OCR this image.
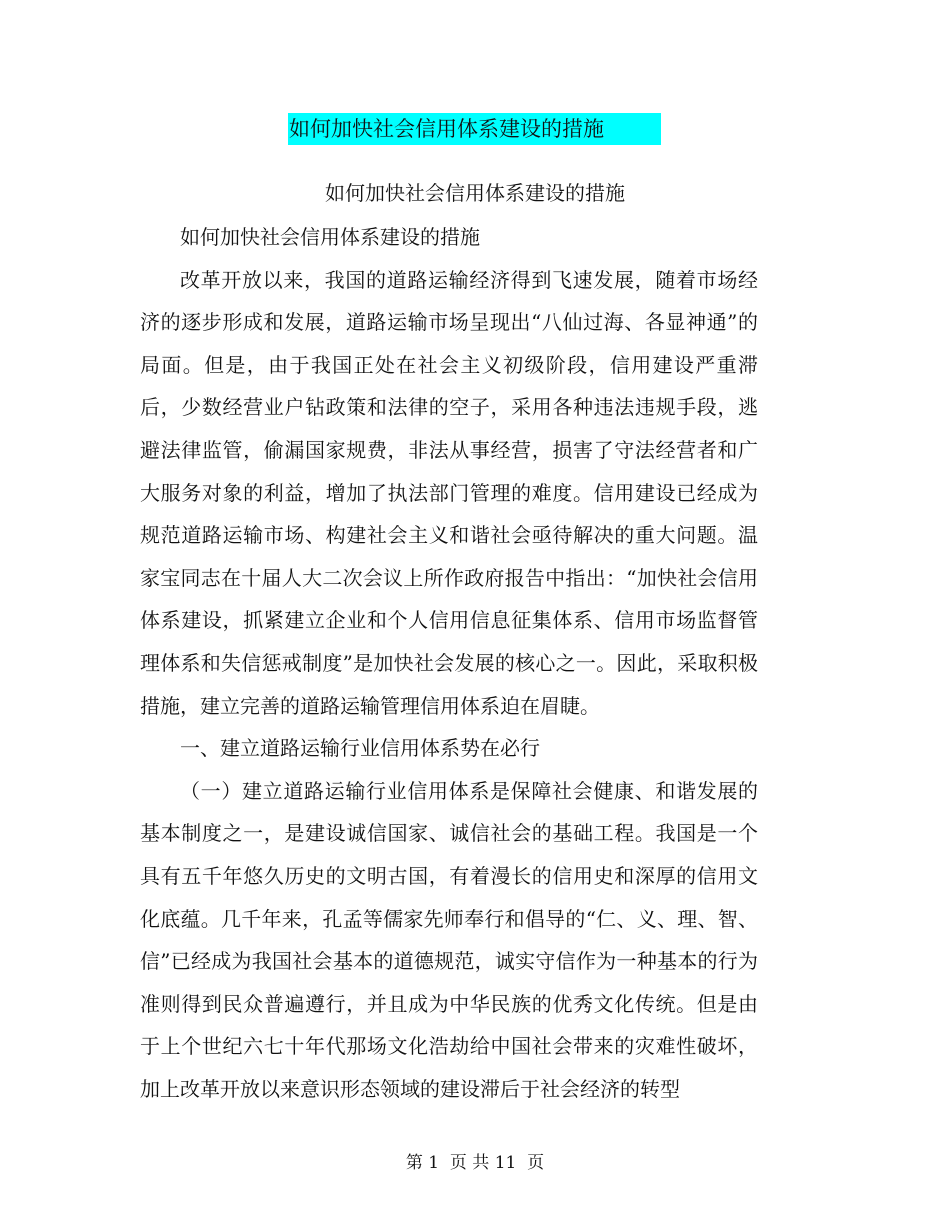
如何加快社会信用体系建设的措施
如何加快社会信用体系建设的措施

如何加快社会信用体系建设的措施

改革开放以来，我国的道路运输经济得到飞速发展，随着市场经济的逐步形成和发展，道路运输市场呈现出“八仙过海、各显神通”的局面。但是，由于我国正处在社会主义初级阶段，信用建设严重滞后，少数经营业户钻政策和法律的空子，采用各种违法违规手段，逃避法律监管，偷漏国家规费，非法从事经营，损害了守法经营者和广大服务对象的利益，增加了执法部门管理的难度。信用建设已经成为规范道路运输市场、构建社会主义和谐社会亟待解决的重大问题。温家宝同志在十届人大二次会议上所作政府报告中指出：“加快社会信用体系建设，抓紧建立企业和个人信用信息征集体系、信用市场监督管理体系和失信惩戒制度”是加快社会发展的核心之一。因此，采取积极措施，建立完善的道路运输管理信用体系迫在眉睫。

一、建立道路运输行业信用体系势在必行

（一）建立道路运输行业信用体系是保障社会健康、和谐发展的基本制度之一，是建设诚信国家、诚信社会的基础工程。我国是一个具有五千年悠久历史的文明古国，有着漫长的信用史和深厚的信用文化底蕴。几千年来，孔孟等儒家先师奉行和倡导的“仁、义、理、智、信”已经成为我国社会基本的道德规范，诚实守信作为一种基本的行为准则得到民众普遍遵行，并且成为中华民族的优秀文化传统。但是由于上个世纪六七十年代那场文化浩劫给中国社会带来的灾难性破坏，加上改革开放以来意识形态领域的建设滞后于社会经济的转型

第 1  页 共 11  页
